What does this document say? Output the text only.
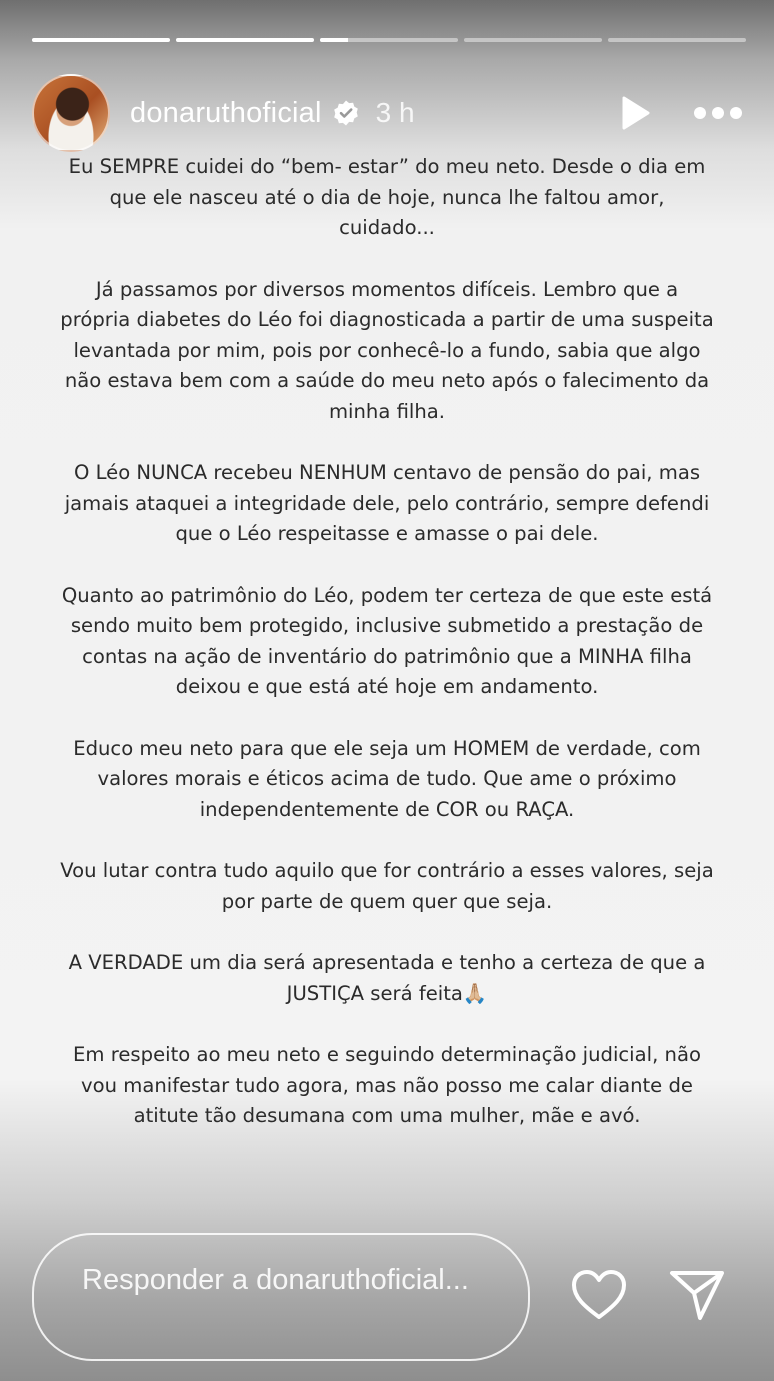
donaruthoficial 3 h

Eu SEMPRE cuidei do “bem- estar” do meu neto. Desde o dia em que ele nasceu até o dia de hoje, nunca lhe faltou amor, cuidado...

Já passamos por diversos momentos difíceis. Lembro que a própria diabetes do Léo foi diagnosticada a partir de uma suspeita levantada por mim, pois por conhecê-lo a fundo, sabia que algo não estava bem com a saúde do meu neto após o falecimento da minha filha.

O Léo NUNCA recebeu NENHUM centavo de pensão do pai, mas jamais ataquei a integridade dele, pelo contrário, sempre defendi que o Léo respeitasse e amasse o pai dele.

Quanto ao patrimônio do Léo, podem ter certeza de que este está sendo muito bem protegido, inclusive submetido a prestação de contas na ação de inventário do patrimônio que a MINHA filha deixou e que está até hoje em andamento.

Educo meu neto para que ele seja um HOMEM de verdade, com valores morais e éticos acima de tudo. Que ame o próximo independentemente de COR ou RAÇA.

Vou lutar contra tudo aquilo que for contrário a esses valores, seja por parte de quem quer que seja.

A VERDADE um dia será apresentada e tenho a certeza de que a JUSTIÇA será feita🙏🏼

Em respeito ao meu neto e seguindo determinação judicial, não vou manifestar tudo agora, mas não posso me calar diante de atitute tão desumana com uma mulher, mãe e avó.

Responder a donaruthoficial...
